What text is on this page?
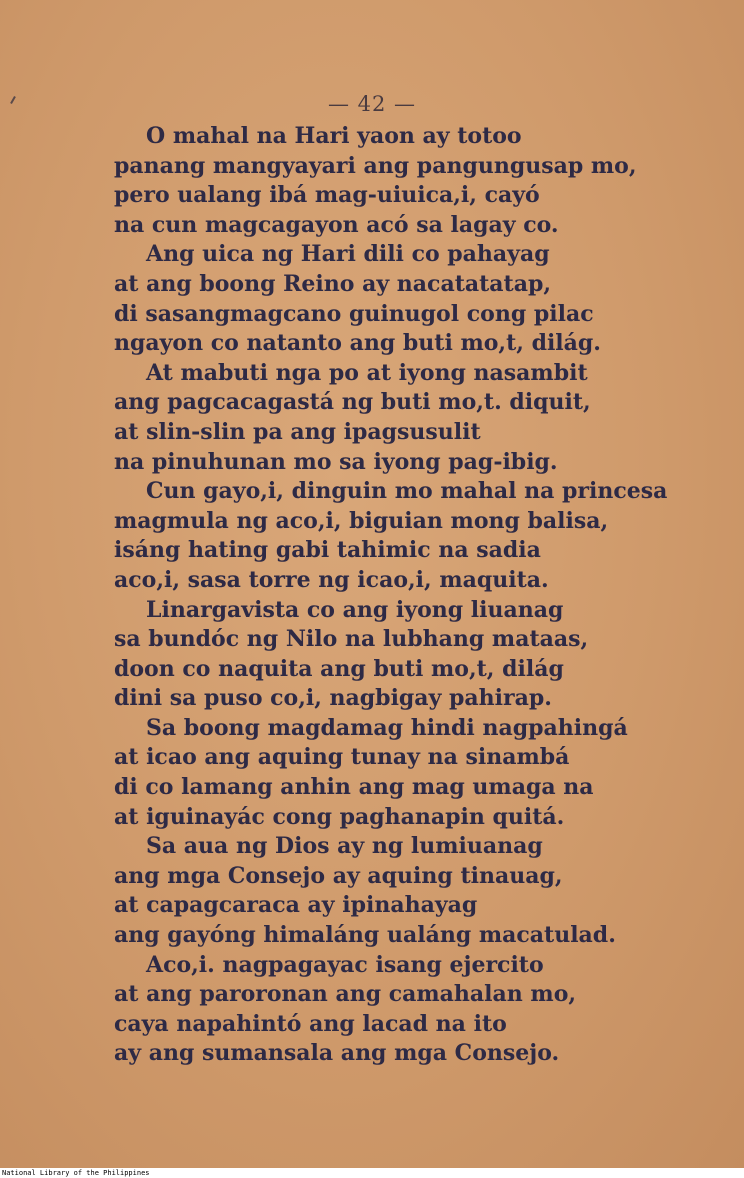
— 42 —
O mahal na Hari yaon ay totoo
panang mangyayari ang pangungusap mo,
pero ualang ibá mag-uiuica,i, cayó
na cun magcagayon acó sa lagay co.
Ang uica ng Hari dili co pahayag
at ang boong Reino ay nacatatatap,
di sasangmagcano guinugol cong pilac
ngayon co natanto ang buti mo,t, dilág.
At mabuti nga po at iyong nasambit
ang pagcacagastá ng buti mo,t. diquit,
at slin-slin pa ang ipagsusulit
na pinuhunan mo sa iyong pag-ibig.
Cun gayo,i, dinguin mo mahal na princesa
magmula ng aco,i, biguian mong balisa,
isáng hating gabi tahimic na sadia
aco,i, sasa torre ng icao,i, maquita.
Linargavista co ang iyong liuanag
sa bundóc ng Nilo na lubhang mataas,
doon co naquita ang buti mo,t, dilág
dini sa puso co,i, nagbigay pahirap.
Sa boong magdamag hindi nagpahingá
at icao ang aquing tunay na sinambá
di co lamang anhin ang mag umaga na
at iguinayác cong paghanapin quitá.
Sa aua ng Dios ay ng lumiuanag
ang mga Consejo ay aquing tinauag,
at capagcaraca ay ipinahayag
ang gayóng himaláng ualáng macatulad.
Aco,i. nagpagayac isang ejercito
at ang paroronan ang camahalan mo,
caya napahintó ang lacad na ito
ay ang sumansala ang mga Consejo.
National Library of the Philippines
